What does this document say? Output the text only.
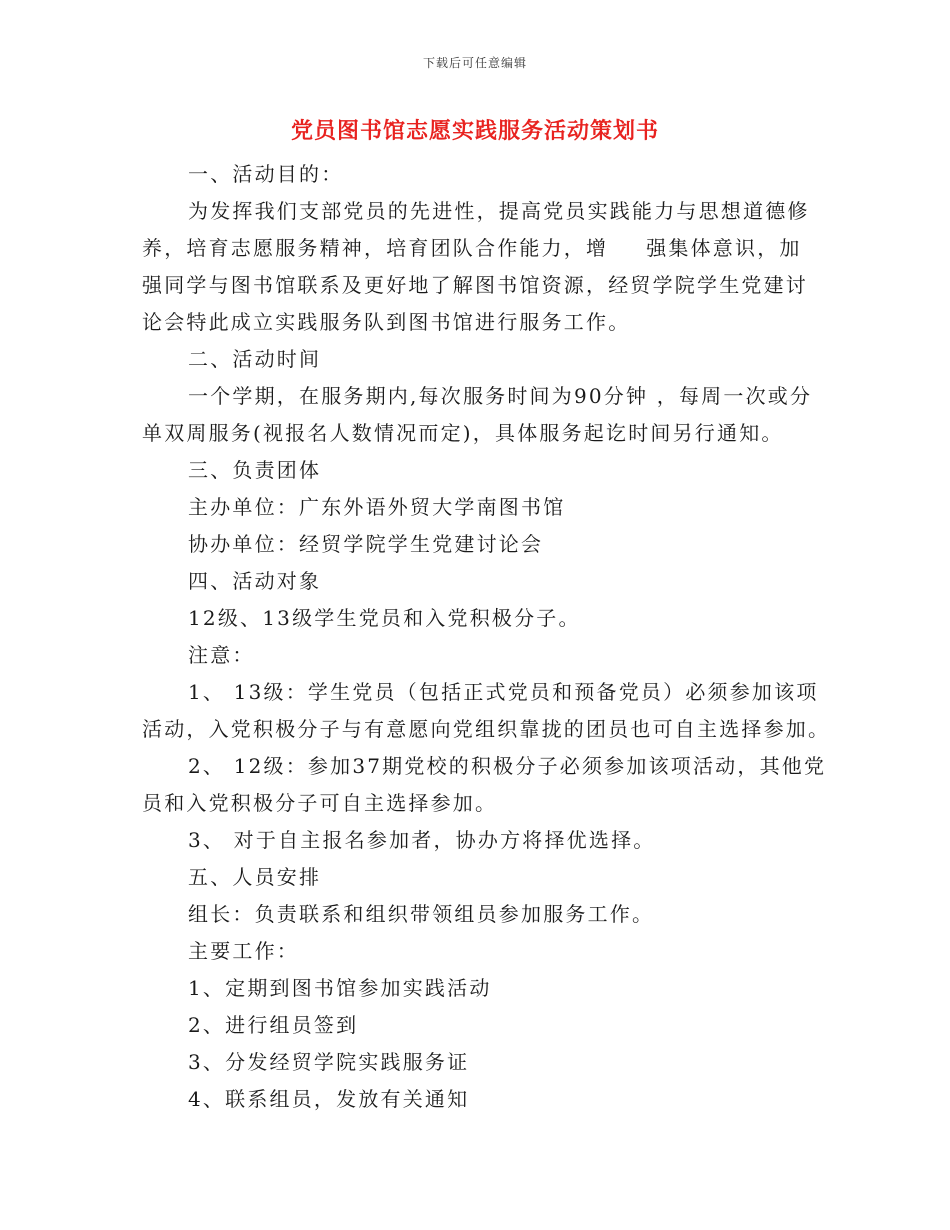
下载后可任意编辑
党员图书馆志愿实践服务活动策划书
一、活动目的：
为发挥我们支部党员的先进性，提高党员实践能力与思想道德修
养，培育志愿服务精神，培育团队合作能力，增 强集体意识，加
强同学与图书馆联系及更好地了解图书馆资源，经贸学院学生党建讨
论会特此成立实践服务队到图书馆进行服务工作。
二、活动时间
一个学期，在服务期内,每次服务时间为90分钟 ，每周一次或分
单双周服务(视报名人数情况而定)，具体服务起讫时间另行通知。
三、负责团体
主办单位：广东外语外贸大学南图书馆
协办单位：经贸学院学生党建讨论会
四、活动对象
12级、13级学生党员和入党积极分子。
注意：
1、 13级：学生党员（包括正式党员和预备党员）必须参加该项
活动，入党积极分子与有意愿向党组织靠拢的团员也可自主选择参加。
2、 12级：参加37期党校的积极分子必须参加该项活动，其他党
员和入党积极分子可自主选择参加。
3、 对于自主报名参加者，协办方将择优选择。
五、人员安排
组长：负责联系和组织带领组员参加服务工作。
主要工作：
1、定期到图书馆参加实践活动
2、进行组员签到
3、分发经贸学院实践服务证
4、联系组员，发放有关通知
